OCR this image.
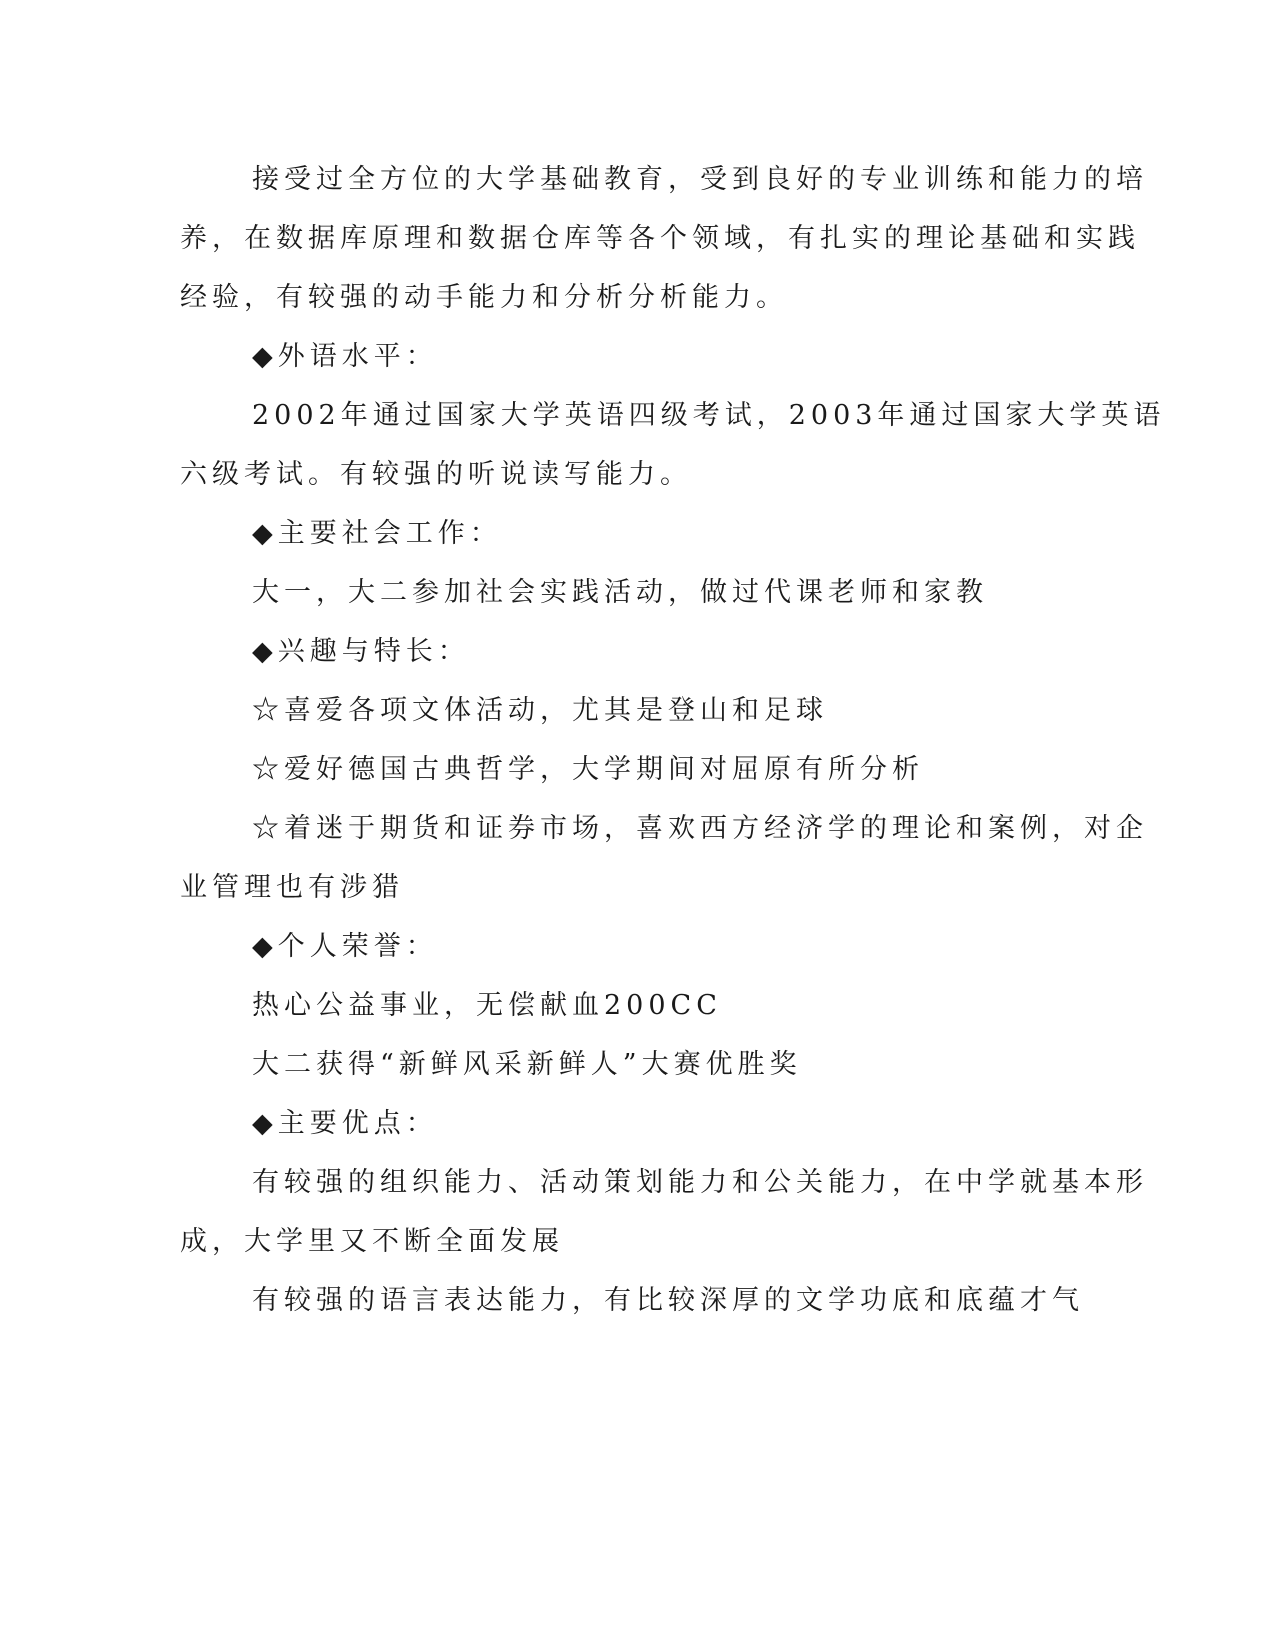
接受过全方位的大学基础教育，受到良好的专业训练和能力的培
养，在数据库原理和数据仓库等各个领域，有扎实的理论基础和实践
经验，有较强的动手能力和分析分析能力。

◆外语水平：

2002年通过国家大学英语四级考试，2003年通过国家大学英语
六级考试。有较强的听说读写能力。

◆主要社会工作：

大一，大二参加社会实践活动，做过代课老师和家教

◆兴趣与特长：

☆喜爱各项文体活动，尤其是登山和足球

☆爱好德国古典哲学，大学期间对屈原有所分析

☆着迷于期货和证券市场，喜欢西方经济学的理论和案例，对企
业管理也有涉猎

◆个人荣誉：

热心公益事业，无偿献血200CC

大二获得“新鲜风采新鲜人”大赛优胜奖

◆主要优点：

有较强的组织能力、活动策划能力和公关能力，在中学就基本形
成，大学里又不断全面发展

有较强的语言表达能力，有比较深厚的文学功底和底蕴才气
